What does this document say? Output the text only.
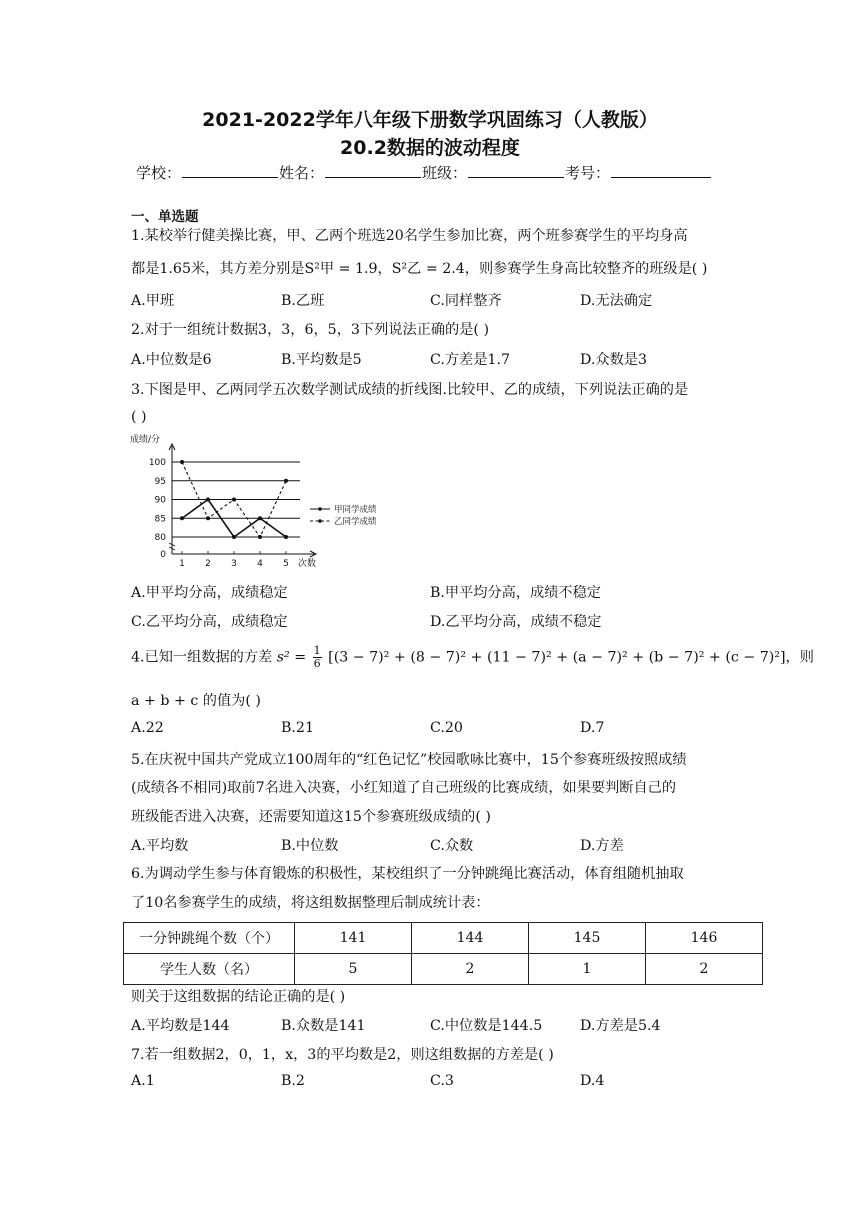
2021-2022学年八年级下册数学巩固练习（人教版）
20.2数据的波动程度
学校：	姓名：	班级：	考号：
一、单选题
1.某校举行健美操比赛，甲、乙两个班选20名学生参加比赛，两个班参赛学生的平均身高
都是1.65米，其方差分别是S²甲 = 1.9，S²乙 = 2.4，则参赛学生身高比较整齐的班级是( )
A.甲班	B.乙班	C.同样整齐	D.无法确定
2.对于一组统计数据3，3，6，5，3下列说法正确的是( )
A.中位数是6	B.平均数是5	C.方差是1.7	D.众数是3
3.下图是甲、乙两同学五次数学测试成绩的折线图.比较甲、乙的成绩，下列说法正确的是
( )
成绩/分
100
95
90
85
80
0
1 2 3 4 5 次数
甲同学成绩
乙同学成绩
A.甲平均分高，成绩稳定	B.甲平均分高，成绩不稳定
C.乙平均分高，成绩稳定	D.乙平均分高，成绩不稳定
4.已知一组数据的方差 $s^2 = \frac{1}{6} [(3 - 7)^2 + (8 - 7)^2 + (11 - 7)^2 + (a - 7)^2 + (b - 7)^2 + (c - 7)^2]$，则
a + b + c 的值为( )
A.22	B.21	C.20	D.7
5.在庆祝中国共产党成立100周年的“红色记忆”校园歌咏比赛中，15个参赛班级按照成绩
(成绩各不相同)取前7名进入决赛，小红知道了自己班级的比赛成绩，如果要判断自己的
班级能否进入决赛，还需要知道这15个参赛班级成绩的( )
A.平均数	B.中位数	C.众数	D.方差
6.为调动学生参与体育锻炼的积极性，某校组织了一分钟跳绳比赛活动，体育组随机抽取
了10名参赛学生的成绩，将这组数据整理后制成统计表：
一分钟跳绳个数（个）	141	144	145	146
学生人数（名）	5	2	1	2
则关于这组数据的结论正确的是( )
A.平均数是144	B.众数是141	C.中位数是144.5	D.方差是5.4
7.若一组数据2，0，1，x，3的平均数是2，则这组数据的方差是( )
A.1	B.2	C.3	D.4
